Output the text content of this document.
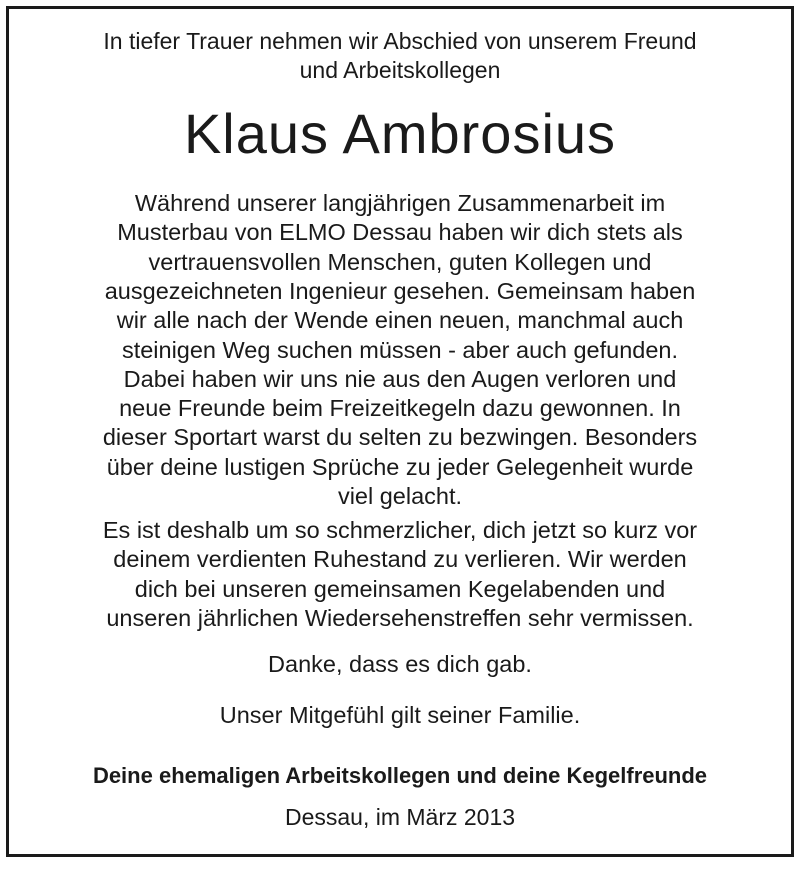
In tiefer Trauer nehmen wir Abschied von unserem Freund
und Arbeitskollegen
Klaus Ambrosius
Während unserer langjährigen Zusammenarbeit im
Musterbau von ELMO Dessau haben wir dich stets als
vertrauensvollen Menschen, guten Kollegen und
ausgezeichneten Ingenieur gesehen. Gemeinsam haben
wir alle nach der Wende einen neuen, manchmal auch
steinigen Weg suchen müssen - aber auch gefunden.
Dabei haben wir uns nie aus den Augen verloren und
neue Freunde beim Freizeitkegeln dazu gewonnen. In
dieser Sportart warst du selten zu bezwingen. Besonders
über deine lustigen Sprüche zu jeder Gelegenheit wurde
viel gelacht.
Es ist deshalb um so schmerzlicher, dich jetzt so kurz vor
deinem verdienten Ruhestand zu verlieren. Wir werden
dich bei unseren gemeinsamen Kegelabenden und
unseren jährlichen Wiedersehenstreffen sehr vermissen.
Danke, dass es dich gab.
Unser Mitgefühl gilt seiner Familie.
Deine ehemaligen Arbeitskollegen und deine Kegelfreunde
Dessau, im März 2013
